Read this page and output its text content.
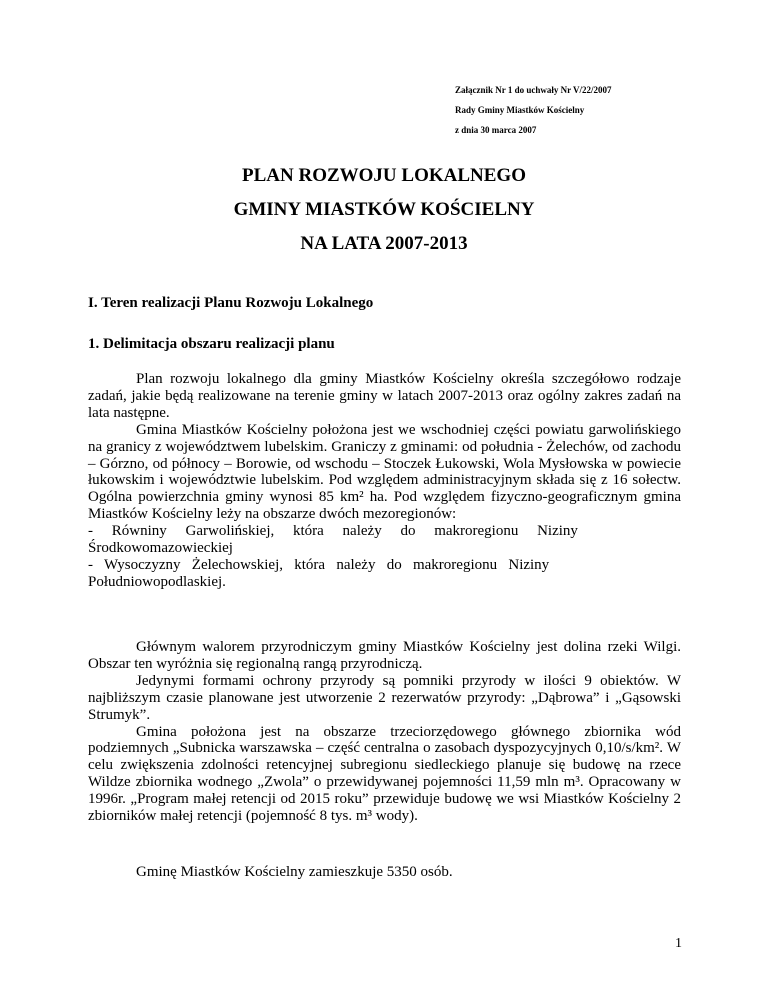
Załącznik Nr 1 do uchwały Nr V/22/2007
Rady Gminy Miastków Kościelny
z dnia 30 marca 2007
PLAN ROZWOJU LOKALNEGO
GMINY MIASTKÓW KOŚCIELNY
NA LATA 2007-2013
I. Teren realizacji Planu Rozwoju Lokalnego
1. Delimitacja obszaru realizacji planu

Plan rozwoju lokalnego dla gminy Miastków Kościelny określa szczegółowo rodzaje zadań, jakie będą realizowane na terenie gminy w latach 2007-2013 oraz ogólny zakres zadań na lata następne.

Gmina Miastków Kościelny położona jest we wschodniej części powiatu garwolińskiego na granicy z województwem lubelskim. Graniczy z gminami: od południa - Żelechów, od zachodu – Górzno, od północy – Borowie, od wschodu – Stoczek Łukowski, Wola Mysłowska w powiecie łukowskim i województwie lubelskim. Pod względem administracyjnym składa się z 16 sołectw. Ogólna powierzchnia gminy wynosi 85 km² ha. Pod względem fizyczno-geograficznym gmina Miastków Kościelny leży na obszarze dwóch mezoregionów:

-     Równiny     Garwolińskiej,     która     należy     do     makroregionu     Niziny

Środkowomazowieckiej

-   Wysoczyzny   Żelechowskiej,   która   należy   do   makroregionu   Niziny

Południowopodlaskiej.

Głównym walorem przyrodniczym gminy Miastków Kościelny jest dolina rzeki Wilgi. Obszar ten wyróżnia się regionalną rangą przyrodniczą.

Jedynymi formami ochrony przyrody są pomniki przyrody w ilości 9 obiektów. W najbliższym czasie planowane jest utworzenie 2 rezerwatów przyrody: „Dąbrowa” i „Gąsowski Strumyk”.

Gmina położona jest na obszarze trzeciorzędowego głównego zbiornika wód podziemnych „Subnicka warszawska – część centralna o zasobach dyspozycyjnych 0,10/s/km². W celu zwiększenia zdolności retencyjnej subregionu siedleckiego planuje się budowę na rzece Wildze zbiornika wodnego „Zwola” o przewidywanej pojemności 11,59 mln m³. Opracowany w 1996r. „Program małej retencji od 2015 roku” przewiduje budowę we wsi Miastków Kościelny 2 zbiorników małej retencji (pojemność 8 tys. m³ wody).

Gminę Miastków Kościelny zamieszkuje 5350 osób.
1
